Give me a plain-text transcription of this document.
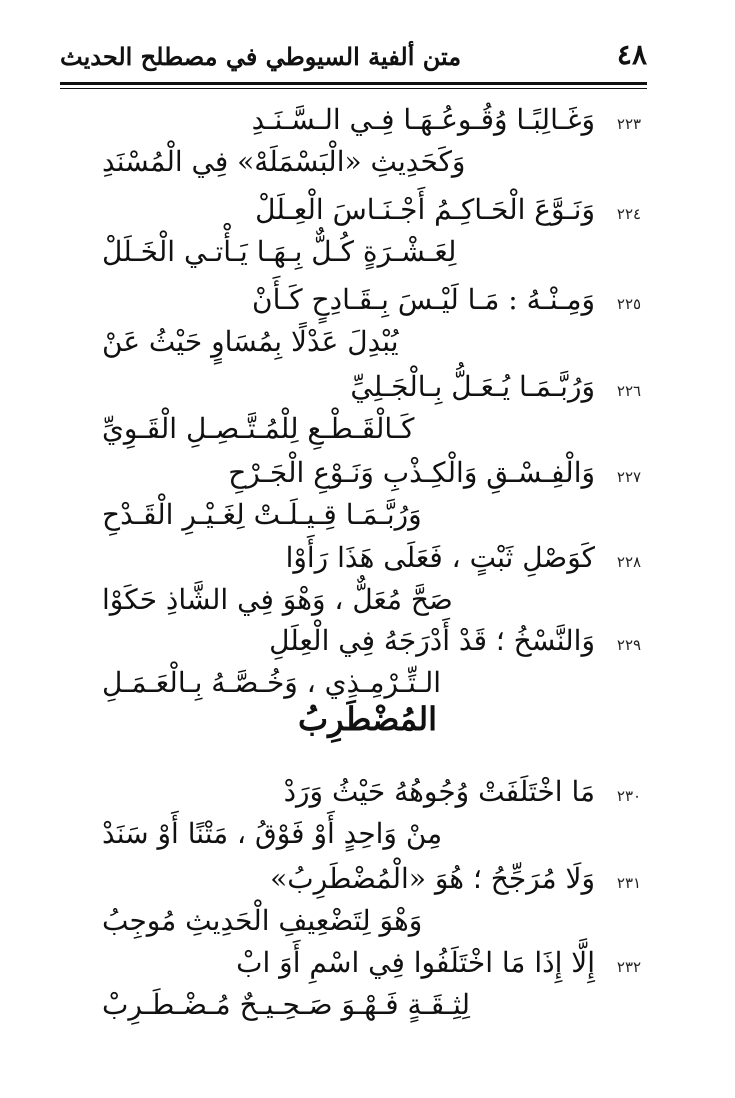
٤٨
متن ألفية السيوطي في مصطلح الحديث
٢٢٣
وَغَـالِبًـا وُقُـوعُـهَـا فِـي الـسَّـنَـدِ
وَكَحَدِيثِ «الْبَسْمَلَهْ» فِي الْمُسْنَدِ
٢٢٤
وَنَـوَّعَ الْحَـاكِـمُ أَجْـنَـاسَ الْعِـلَلْ
لِعَـشْـرَةٍ كُـلٌّ بِـهَـا يَـأْتـي الْخَـلَلْ
٢٢٥
وَمِـنْـهُ : مَـا لَيْـسَ بِـقَـادِحٍ كَـأَنْ
يُبْدِلَ عَدْلًا بِمُسَاوٍ حَيْثُ عَنْ
٢٢٦
وَرُبَّـمَـا يُـعَـلُّ بِـالْجَـلِيِّ
كَـالْقَـطْـعِ لِلْمُـتَّـصِـلِ الْقَـوِيِّ
٢٢٧
وَالْفِـسْـقِ وَالْكِـذْبِ وَنَـوْعِ الْجَـرْحِ
وَرُبَّـمَـا قِـيـلَـتْ لِغَـيْـرِ الْقَـدْحِ
٢٢٨
كَوَصْلِ ثَبْتٍ ، فَعَلَى هَذَا رَأَوْا
صَحَّ مُعَلٌّ ، وَهْوَ فِي الشَّاذِ حَكَوْا
٢٢٩
وَالنَّسْخُ ؛ قَدْ أَدْرَجَهُ فِي الْعِلَلِ
الـتِّـرْمِـذِي ، وَخُـصَّـهُ بِـالْعَـمَـلِ
المُضْطَرِبُ
٢٣٠
مَا اخْتَلَفَتْ وُجُوهُهُ حَيْثُ وَرَدْ
مِنْ وَاحِدٍ أَوْ فَوْقُ ، مَتْنًا أَوْ سَنَدْ
٢٣١
وَلَا مُرَجِّحُ ؛ هُوَ «الْمُضْطَرِبُ»
وَهْوَ لِتَضْعِيفِ الْحَدِيثِ مُوجِبُ
٢٣٢
إِلَّا إِذَا مَا اخْتَلَفُوا فِي اسْمِ أَوَ ابْ
لِثِـقَـةٍ فَـهْـوَ صَـحِـيـحٌ مُـضْـطَـرِبْ
